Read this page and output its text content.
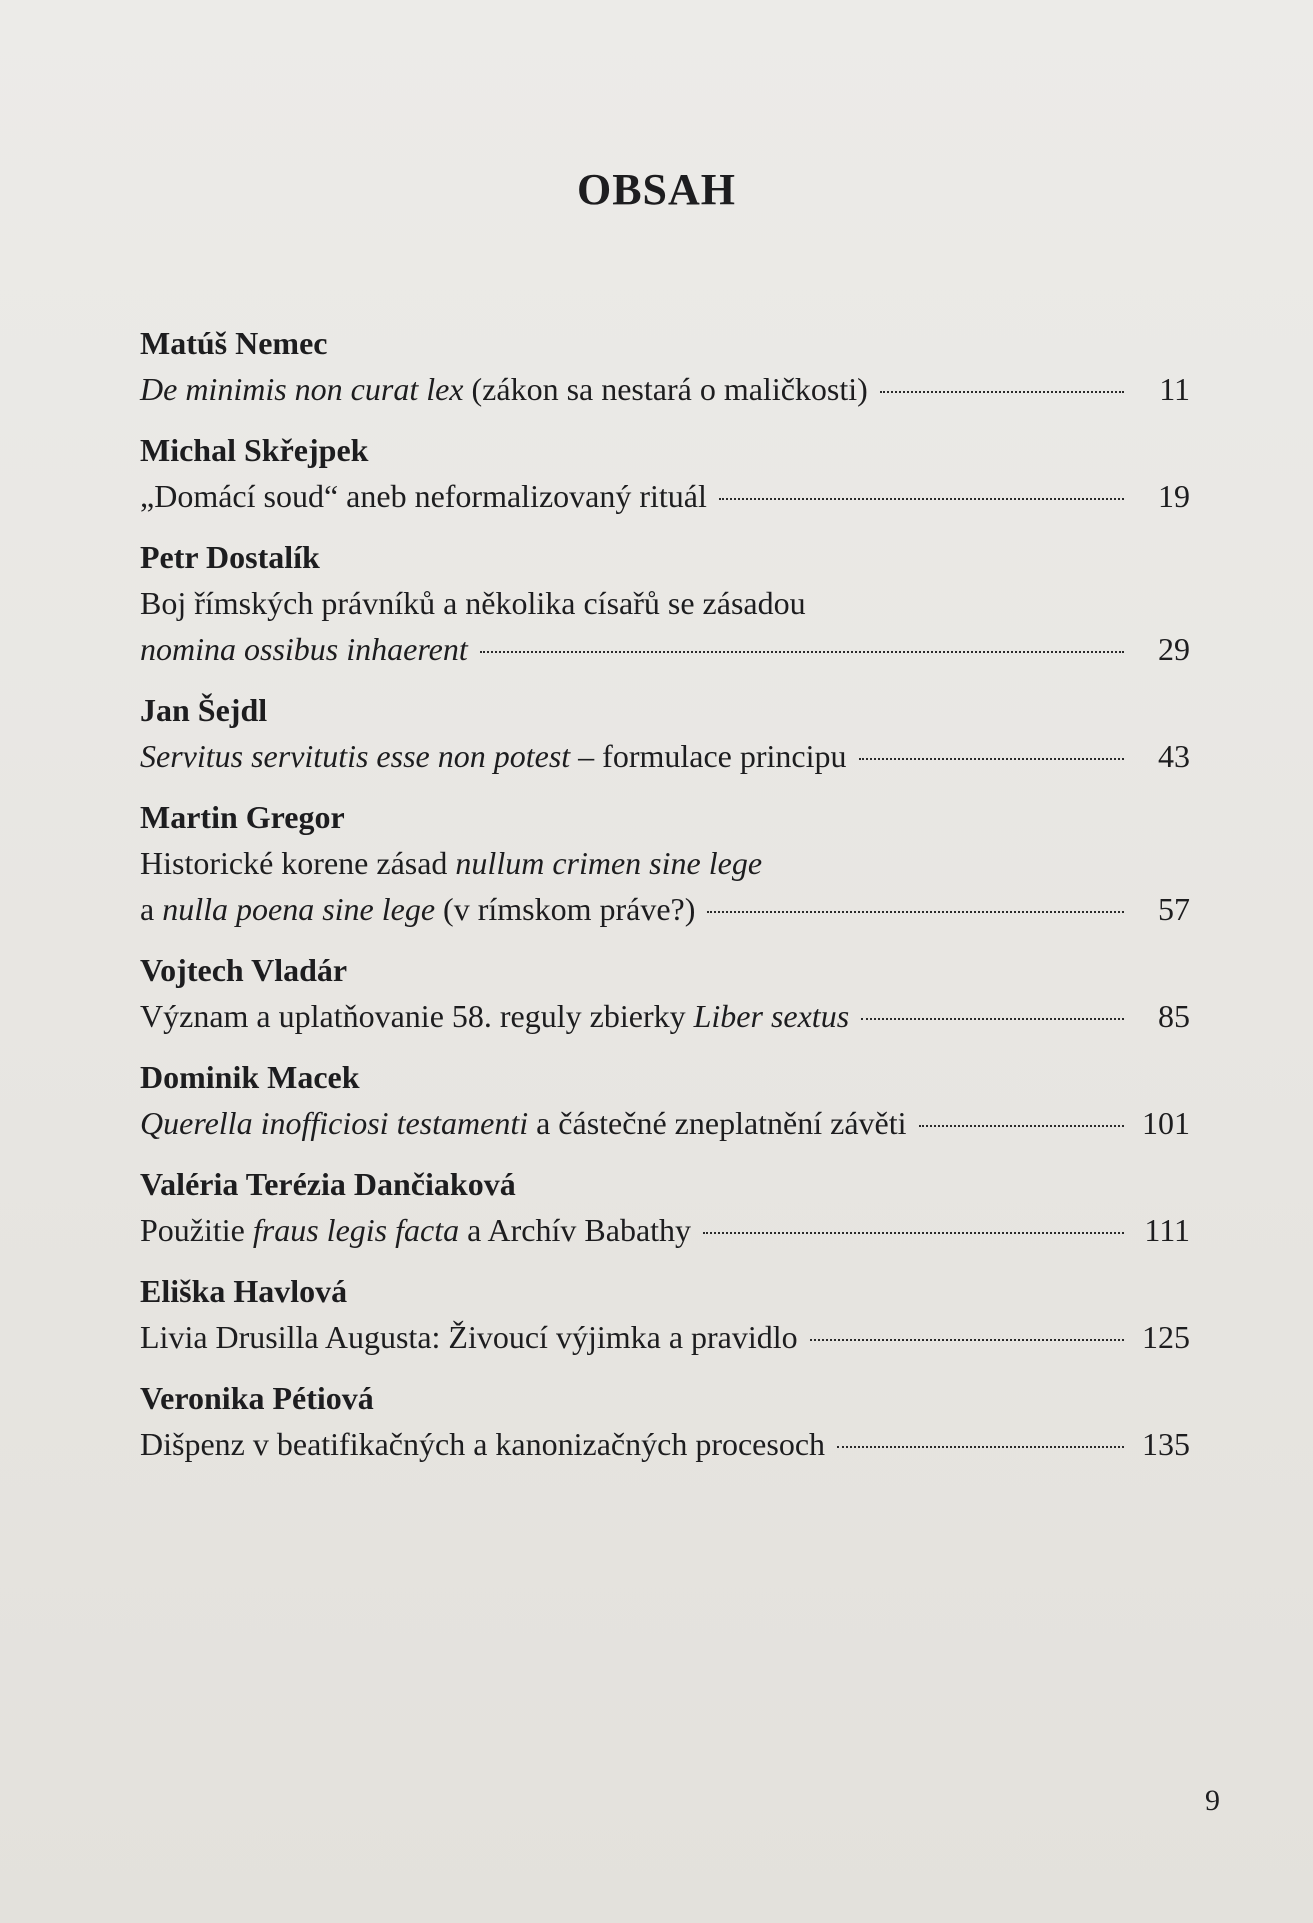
OBSAH
Matúš Nemec
De minimis non curat lex (zákon sa nestará o maličkosti)	11
Michal Skřejpek
„Domácí soud“ aneb neformalizovaný rituál	19
Petr Dostalík
Boj římských právníků a několika císařů se zásadou
nomina ossibus inhaerent	29
Jan Šejdl
Servitus servitutis esse non potest – formulace principu	43
Martin Gregor
Historické korene zásad nullum crimen sine lege
a nulla poena sine lege (v rímskom práve?)	57
Vojtech Vladár
Význam a uplatňovanie 58. reguly zbierky Liber sextus	85
Dominik Macek
Querella inofficiosi testamenti a částečné zneplatnění závěti	101
Valéria Terézia Dančiaková
Použitie fraus legis facta a Archív Babathy	111
Eliška Havlová
Livia Drusilla Augusta: Živoucí výjimka a pravidlo	125
Veronika Pétiová
Dišpenz v beatifikačných a kanonizačných procesoch	135
9
